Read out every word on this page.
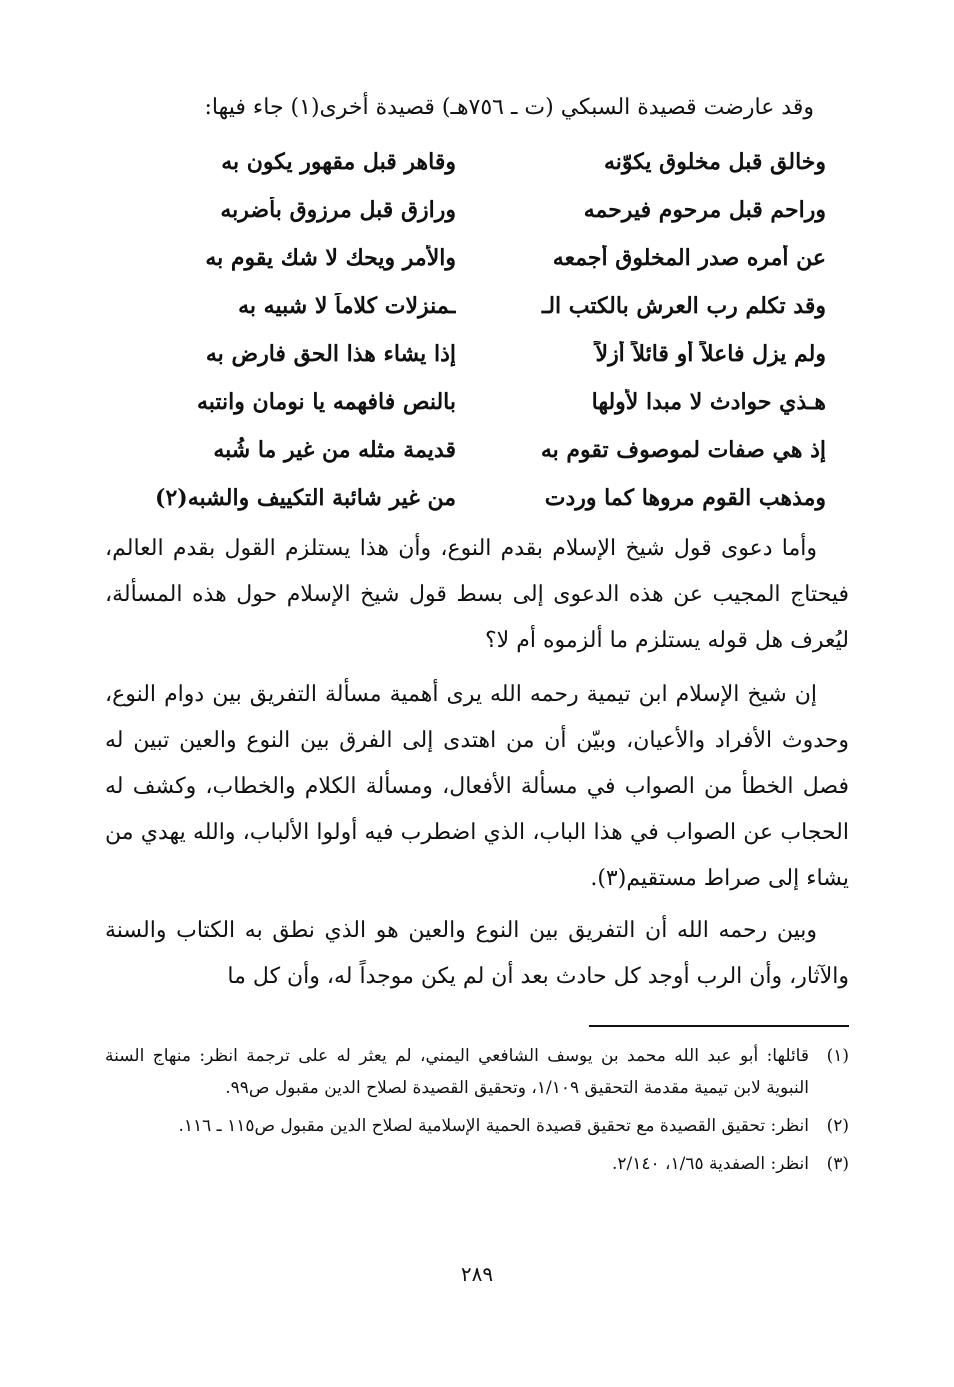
وقد عارضت قصيدة السبكي (ت ـ ٧٥٦هـ) قصيدة أخرى(١) جاء فيها:
وخالق قبل مخلوق يكوّنه
وقاهر قبل مقهور يكون به
وراحم قبل مرحوم فيرحمه
ورازق قبل مرزوق بأضربه
عن أمره صدر المخلوق أجمعه
والأمر ويحك لا شك يقوم به
وقد تكلم رب العرش بالكتب الـ
ـمنزلات كلاماً لا شبيه به
ولم يزل فاعلاً أو قائلاً أزلاً
إذا يشاء هذا الحق فارض به
هـذي حوادث لا مبدا لأولها
بالنص فافهمه يا نومان وانتبه
إذ هي صفات لموصوف تقوم به
قديمة مثله من غير ما شُبه
ومذهب القوم مروها كما وردت
من غير شائبة التكييف والشبه(٢)
وأما دعوى قول شيخ الإسلام بقدم النوع، وأن هذا يستلزم القول بقدم العالم، فيحتاج المجيب عن هذه الدعوى إلى بسط قول شيخ الإسلام حول هذه المسألة، ليُعرف هل قوله يستلزم ما ألزموه أم لا؟
إن شيخ الإسلام ابن تيمية رحمه الله يرى أهمية مسألة التفريق بين دوام النوع، وحدوث الأفراد والأعيان، وبيّن أن من اهتدى إلى الفرق بين النوع والعين تبين له فصل الخطأ من الصواب في مسألة الأفعال، ومسألة الكلام والخطاب، وكشف له الحجاب عن الصواب في هذا الباب، الذي اضطرب فيه أولوا الألباب، والله يهدي من يشاء إلى صراط مستقيم(٣).
وبين رحمه الله أن التفريق بين النوع والعين هو الذي نطق به الكتاب والسنة والآثار، وأن الرب أوجد كل حادث بعد أن لم يكن موجداً له، وأن كل ما
(١)
قائلها: أبو عبد الله محمد بن يوسف الشافعي اليمني، لم يعثر له على ترجمة انظر: منهاج السنة النبوية لابن تيمية مقدمة التحقيق ١/١٠٩، وتحقيق القصيدة لصلاح الدين مقبول ص٩٩.
(٢)
انظر: تحقيق القصيدة مع تحقيق قصيدة الحمية الإسلامية لصلاح الدين مقبول ص١١٥ ـ ١١٦.
(٣)
انظر: الصفدية ١/٦٥، ٢/١٤٠.
٢٨٩
